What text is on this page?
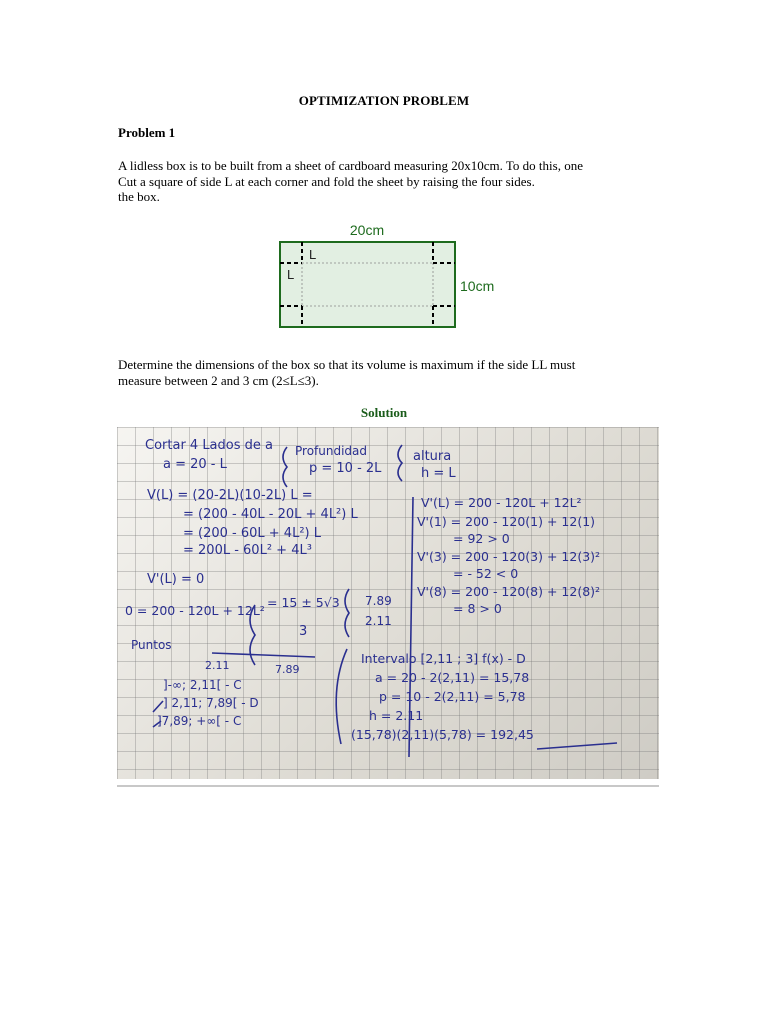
OPTIMIZATION PROBLEM
Problem 1
A lidless box is to be built from a sheet of cardboard measuring 20x10cm. To do this, one
Cut a square of side L at each corner and fold the sheet by raising the four sides.
the box.
20cm
10cm
L
L
Determine the dimensions of the box so that its volume is maximum if the side LL must
measure between 2 and 3 cm (2≤L≤3).
Solution
Cortar 4 Lados de a
a = 20 - L
Profundidad
p = 10 - 2L
altura
h = L
V(L) = (20-2L)(10-2L) L =
= (200 - 40L - 20L + 4L²) L
= (200 - 60L + 4L²) L
= 200L - 60L² + 4L³
V'(L) = 200 - 120L + 12L²
V'(1) = 200 - 120(1) + 12(1)
= 92 > 0
V'(3) = 200 - 120(3) + 12(3)²
= - 52 < 0
V'(8) = 200 - 120(8) + 12(8)²
= 8 > 0
V'(L) = 0
0 = 200 - 120L + 12L²
= 15 ± 5√3
3
7.89
2.11
Puntos
2.11	7.89
]-∞; 2,11[ - C
] 2,11; 7,89[ - D
]7,89; +∞[ - C
Intervalo [2,11 ; 3] f(x) - D
a = 20 - 2(2,11) = 15,78
p = 10 - 2(2,11) = 5,78
h = 2.11
(15,78)(2,11)(5,78) = 192,45
